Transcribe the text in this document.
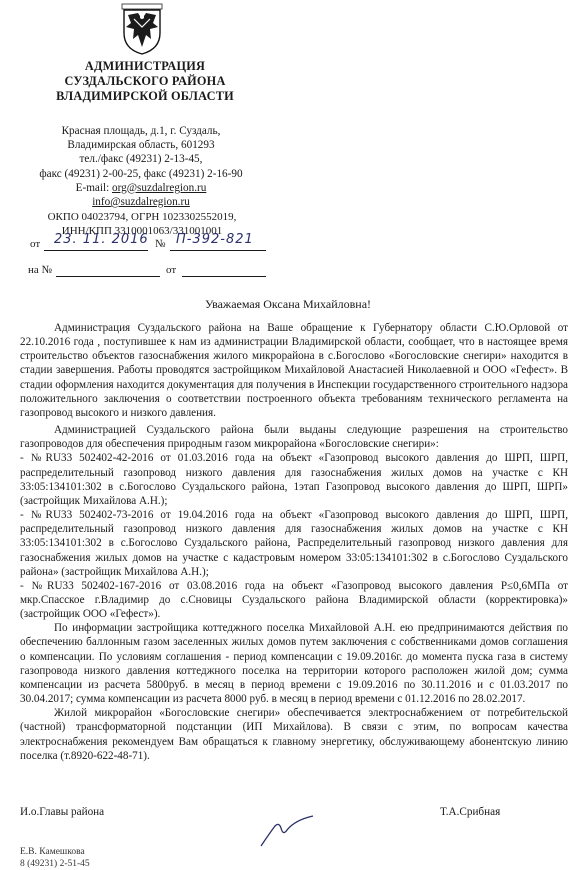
АДМИНИСТРАЦИЯ
СУЗДАЛЬСКОГО РАЙОНА
ВЛАДИМИРСКОЙ ОБЛАСТИ
Красная площадь, д.1, г. Суздаль,
Владимирская область, 601293
тел./факс (49231) 2-13-45,
факс (49231) 2-00-25, факс (49231) 2-16-90
E-mail: org@suzdalregion.ru
info@suzdalregion.ru
ОКПО 04023794, ОГРН 1023302552019,
ИНН/КПП 3310001063/331001001
от 23. 11. 2016 № П-392-821
на №	от
Уважаемая Оксана Михайловна!

Администрация Суздальского района на Ваше обращение к Губернатору области С.Ю.Орловой от 22.10.2016 года , поступившее к нам из администрации Владимирской области, сообщает, что в настоящее время строительство объектов газоснабжения жилого микрорайона в с.Богослово «Богословские снегири» находится в стадии завершения. Работы проводятся застройщиком Михайловой Анастасией Николаевной и ООО «Гефест». В стадии оформления находится документация для получения в Инспекции государственного строительного надзора положительного заключения о соответствии построенного объекта требованиям технического регламента на газопровод высокого и низкого давления.

Администрацией Суздальского района были выданы следующие разрешения на строительство газопроводов для обеспечения природным газом микрорайона «Богословские снегири»:

- №RU33 502402-42-2016 от 01.03.2016 года на объект «Газопровод высокого давления до ШРП, ШРП, распределительный газопровод низкого давления для газоснабжения жилых домов на участке с КН 33:05:134101:302 в с.Богослово Суздальского района, 1этап Газопровод высокого давления до ШРП, ШРП» (застройщик Михайлова А.Н.);

- №RU33 502402-73-2016 от 19.04.2016 года на объект «Газопровод высокого давления до ШРП, ШРП, распределительный газопровод низкого давления для газоснабжения жилых домов на участке с КН 33:05:134101:302 в с.Богослово Суздальского района, Распределительный газопровод низкого давления для газоснабжения жилых домов на участке с кадастровым номером 33:05:134101:302 в с.Богослово Суздальского района» (застройщик Михайлова А.Н.);

- №RU33 502402-167-2016 от 03.08.2016 года на объект «Газопровод высокого давления Р≤0,6МПа от мкр.Спасское г.Владимир до с.Сновицы Суздальского района Владимирской области (корректировка)» (застройщик ООО «Гефест»).

По информации застройщика коттеджного поселка Михайловой А.Н. ею предпринимаются действия по обеспечению баллонным газом заселенных жилых домов путем заключения с собственниками домов соглашения о компенсации. По условиям соглашения - период компенсации с 19.09.2016г. до момента пуска газа в систему газопровода низкого давления коттеджного поселка на территории которого расположен жилой дом; сумма компенсации из расчета 5800руб. в месяц в период времени с 19.09.2016 по 30.11.2016 и с 01.03.2017 по 30.04.2017; сумма компенсации из расчета 8000 руб. в месяц в период времени с 01.12.2016 по 28.02.2017.

Жилой микрорайон «Богословские снегири» обеспечивается электроснабжением от потребительской (частной) трансформаторной подстанции (ИП Михайлова). В связи с этим, по вопросам качества электроснабжения рекомендуем Вам обращаться к главному энергетику, обслуживающему абонентскую линию поселка (т.8920-622-48-71).

И.о.Главы района	Т.А.Срибная
Е.В. Камешкова
8 (49231) 2-51-45
